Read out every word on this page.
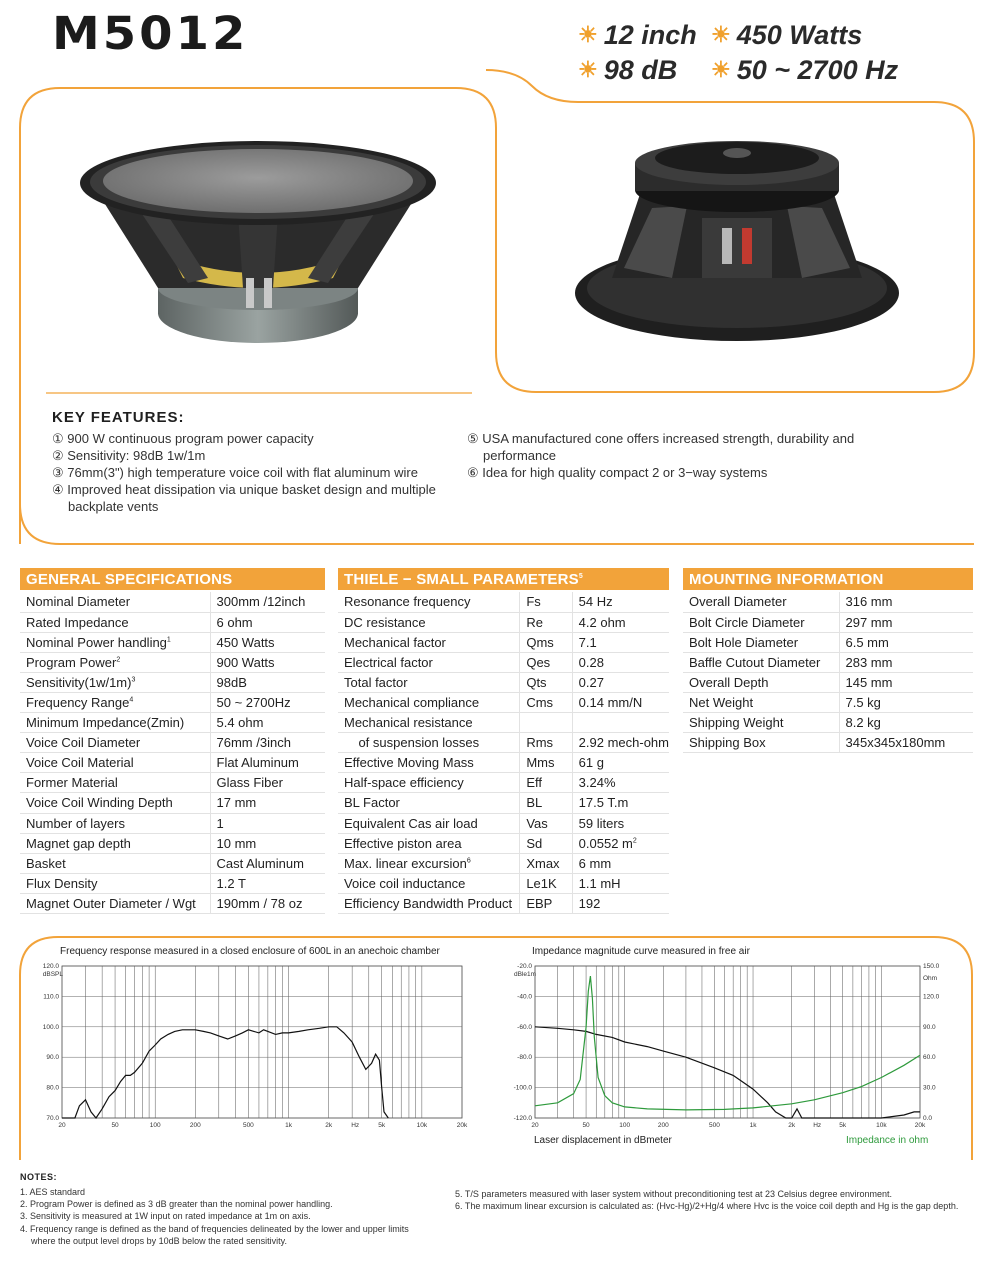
M5012	☀ 12 inch ☀ 450 Watts
☀ 98 dB ☀ 50 ~ 2700 Hz
KEY FEATURES:
① 900 W continuous program power capacity
② Sensitivity: 98dB 1w/1m
③ 76mm(3") high temperature voice coil with flat aluminum wire
④ Improved heat dissipation via unique basket design and multiple backplate vents
⑤ USA manufactured cone offers increased strength, durability and performance
⑥ Idea for high quality compact 2 or 3−way systems
GENERAL SPECIFICATIONS	THIELE − SMALL PARAMETERS$^5$	MOUNTING INFORMATION
Nominal Diameter	300mm /12inch
Rated Impedance	6 ohm
Nominal Power handling$^1$	450 Watts
Program Power$^2$	900 Watts
$Sensitivity(1w/1m)^3$	98dB
Frequency Range$^4$	50 ~ 2700Hz
Minimum Impedance(Zmin)	5.4 ohm
Voice Coil Diameter	76mm /3inch
Voice Coil Material	Flat Aluminum
Former Material	Glass Fiber
Voice Coil Winding Depth	17 mm
Number of layers	1
Magnet gap depth	10 mm
Basket	Cast Aluminum
Flux Density	1.2 T
Magnet Outer Diameter / Wgt	190mm / 78 oz
Resonance frequency	Fs	54 Hz
DC resistance	Re	4.2 ohm
Mechanical factor	Qms	7.1
Electrical factor	Qes	0.28
Total factor	Qts	0.27
Mechanical compliance	Cms	0.14 mm/N
Mechanical resistance		
of suspension losses	Rms	2.92 mech-ohm
Effective Moving Mass	Mms	61 g
Half-space efficiency	Eff	3.24%
BL Factor	BL	17.5 T.m
Equivalent Cas air load	Vas	59 liters
Effective piston area	Sd	0.0552 $m^2$
Max. linear excursion$^6$	Xmax	6 mm
Voice coil inductance	Le1K	1.1 mH
Efficiency Bandwidth Product	EBP	192
Overall Diameter	316 mm
Bolt Circle Diameter	297 mm
Bolt Hole Diameter	6.5 mm
Baffle Cutout Diameter	283 mm
Overall Depth	145 mm
Net Weight	7.5 kg
Shipping Weight	8.2 kg
Shipping Box	345x345x180mm
Frequency response measured in a closed enclosure of 600L in an anechoic chamber	Impedance magnitude curve measured in free air
120.0
110.0
100.0
90.0
80.0
70.0
20	50	100	200	500	1k	2k	5k	10k	20k
Hz
dBSPL
-20.0	150.0
-40.0	120.0
-60.0	90.0
-80.0	60.0
-100.0	30.0
-120.0	0.0
20	50	100	200	500	1k	2k	5k	10k	20k
Hz
dBle1m
Ohm
Laser displacement in dBmeter	Impedance in ohm
NOTES:
1. AES standard
2. Program Power is defined as 3 dB greater than the nominal power handling.
3. Sensitivity is measured at 1W input on rated impedance at 1m on axis.
4. Frequency range is defined as the band of frequencies delineated by the lower and upper limits where the output level drops by 10dB below the rated sensitivity.
5. T/S parameters measured with laser system without preconditioning test at 23 Celsius degree environment.
6. The maximum linear excursion is calculated as: (Hvc-Hg)/2+Hg/4 where Hvc is the voice coil depth and Hg is the gap depth.
